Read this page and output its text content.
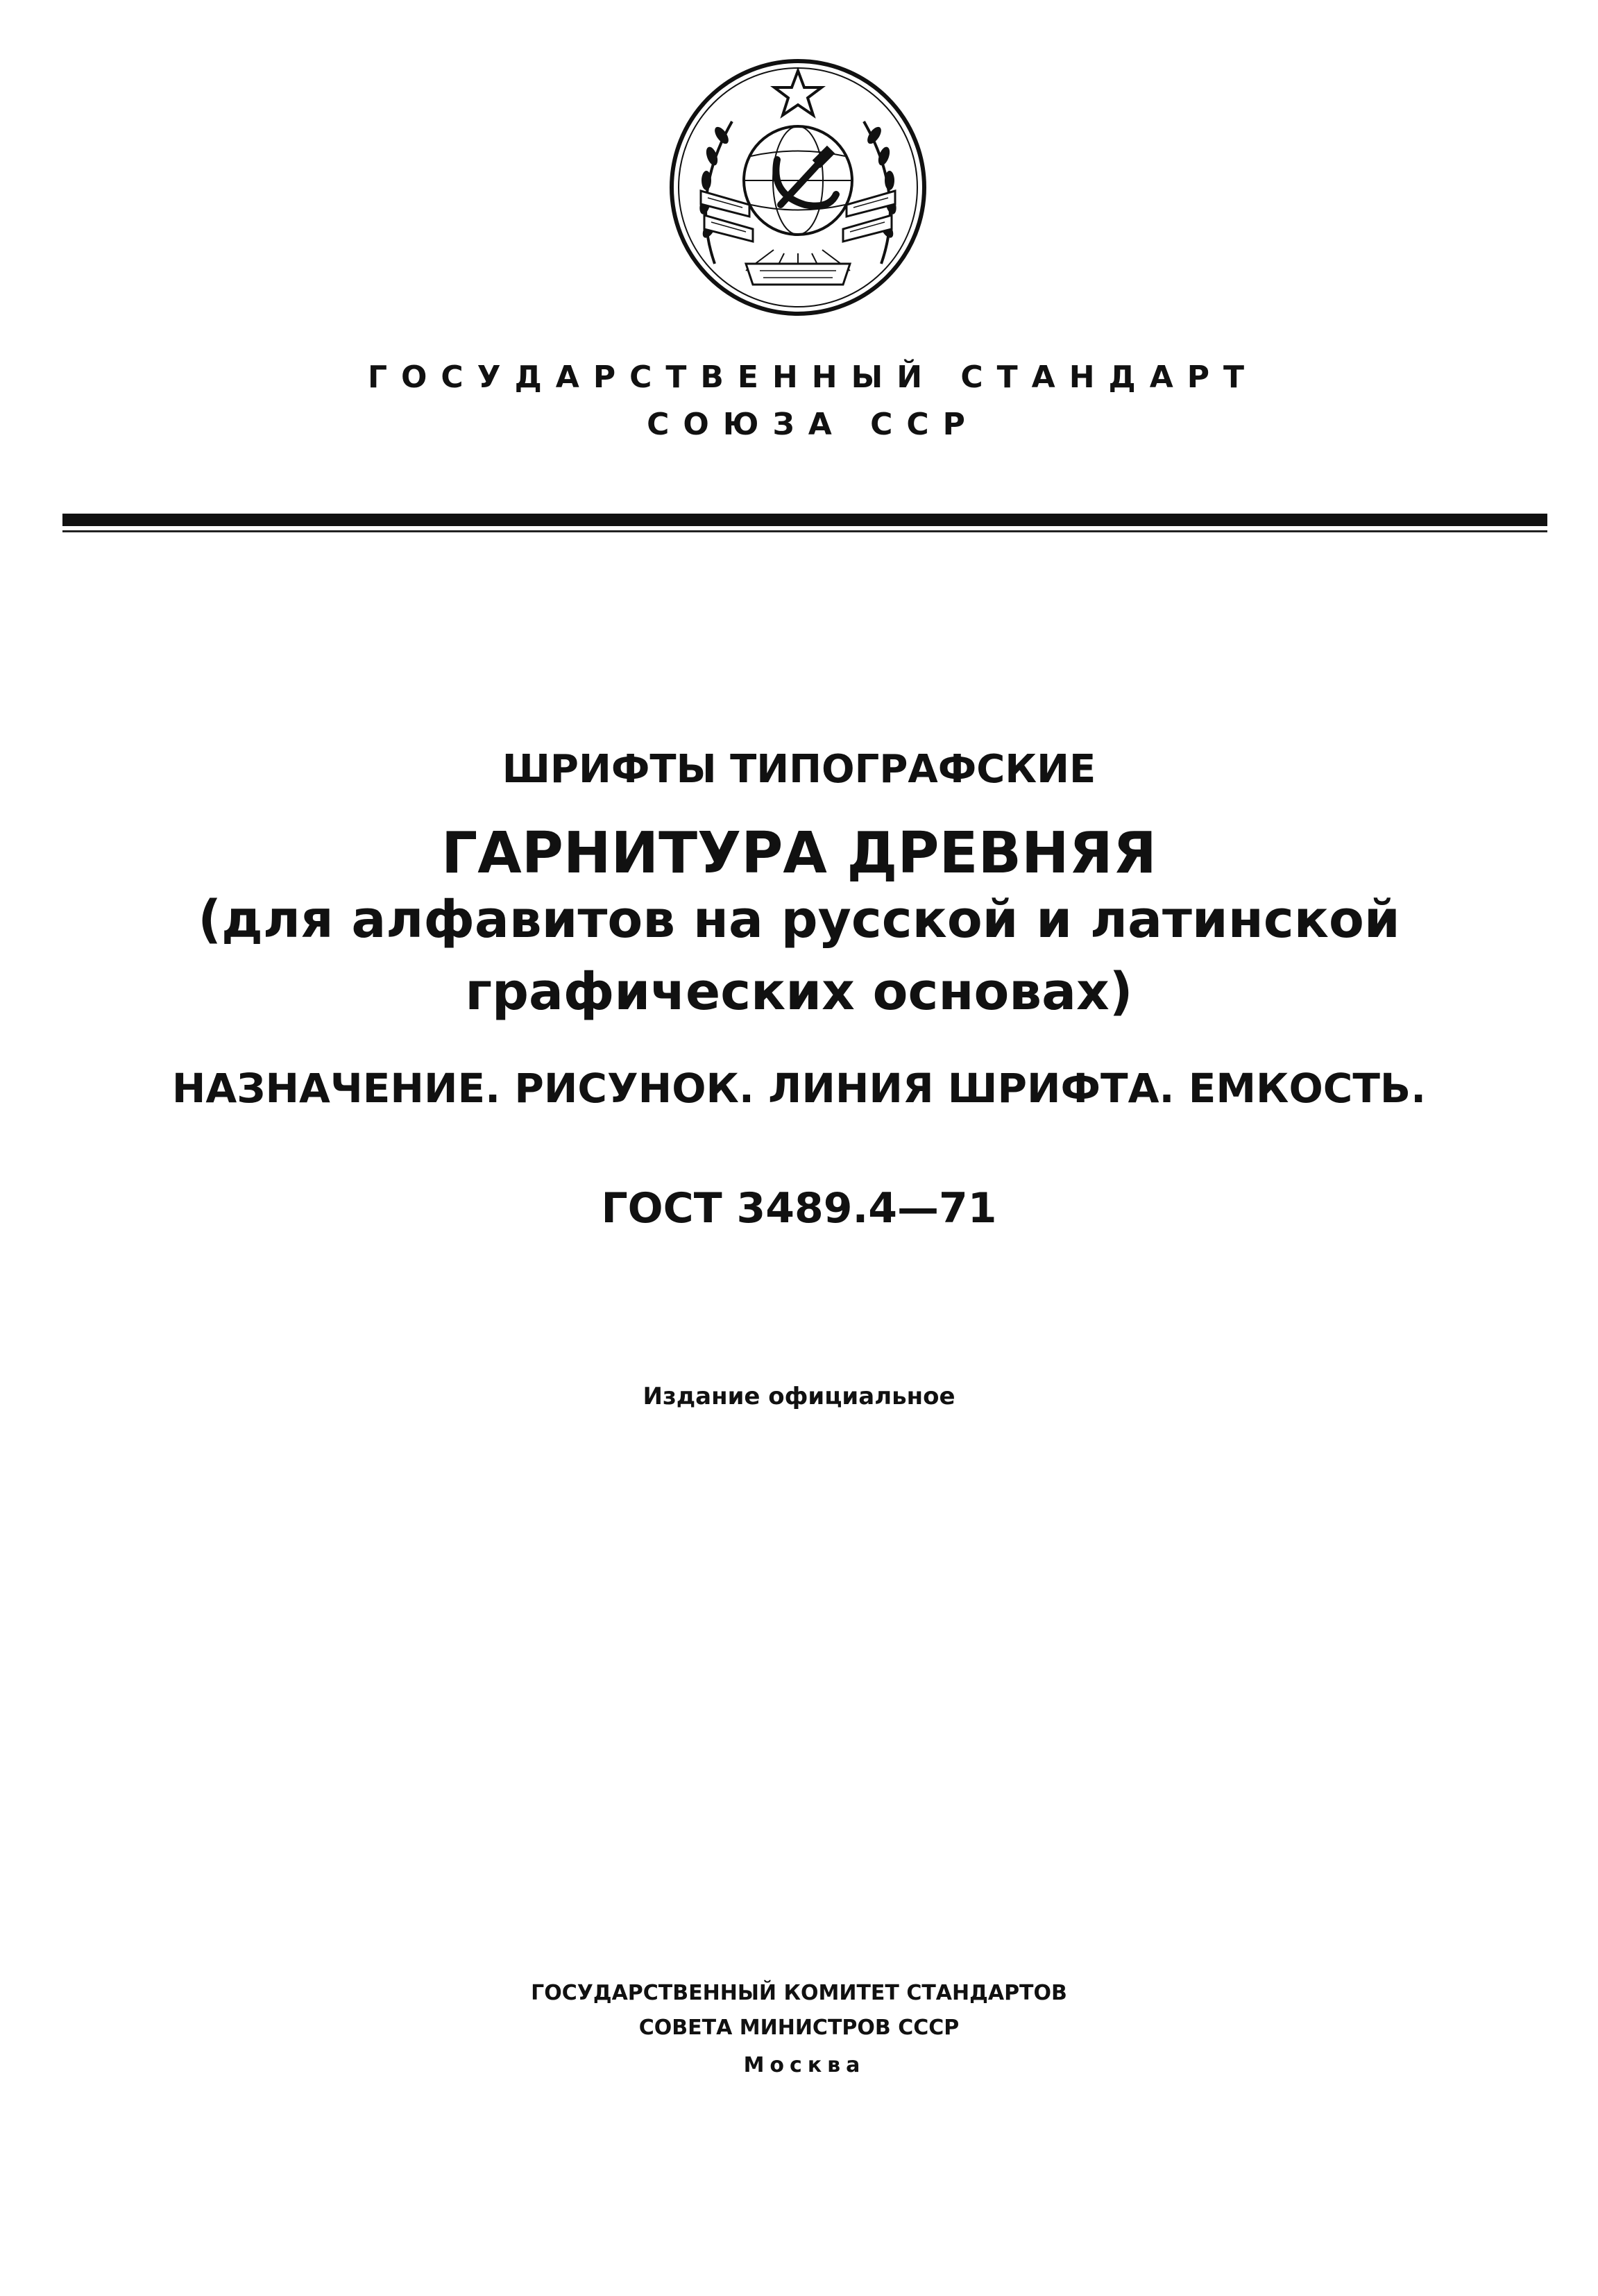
ГОСУДАРСТВЕННЫЙ СТАНДАРТ
СОЮЗА ССР
ШРИФТЫ ТИПОГРАФСКИЕ
ГАРНИТУРА ДРЕВНЯЯ
(для алфавитов на русской и латинской
графических основах)
НАЗНАЧЕНИЕ. РИСУНОК. ЛИНИЯ ШРИФТА. ЕМКОСТЬ.
ГОСТ 3489.4—71
Издание официальное
ГОСУДАРСТВЕННЫЙ КОМИТЕТ СТАНДАРТОВ
СОВЕТА МИНИСТРОВ СССР
Москва
